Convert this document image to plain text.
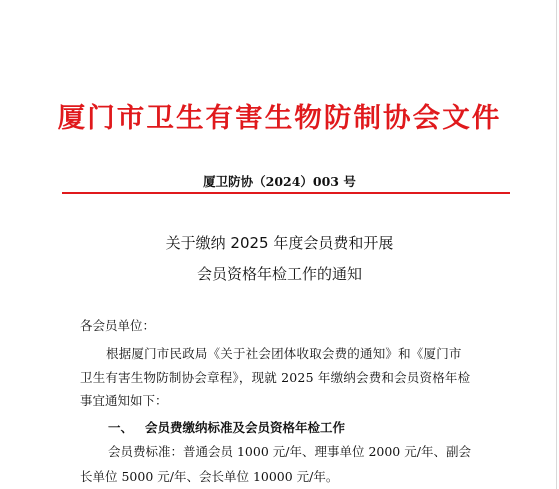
厦门市卫生有害生物防制协会文件
厦卫防协（2024）003 号
关于缴纳 2025 年度会员费和开展
会员资格年检工作的通知
各会员单位：
根据厦门市民政局《关于社会团体收取会费的通知》和《厦门市
卫生有害生物防制协会章程》，现就 2025 年缴纳会费和会员资格年检
事宜通知如下：
一、 会员费缴纳标准及会员资格年检工作
会员费标准：普通会员 1000 元/年、理事单位 2000 元/年、副会
长单位 5000 元/年、会长单位 10000 元/年。
